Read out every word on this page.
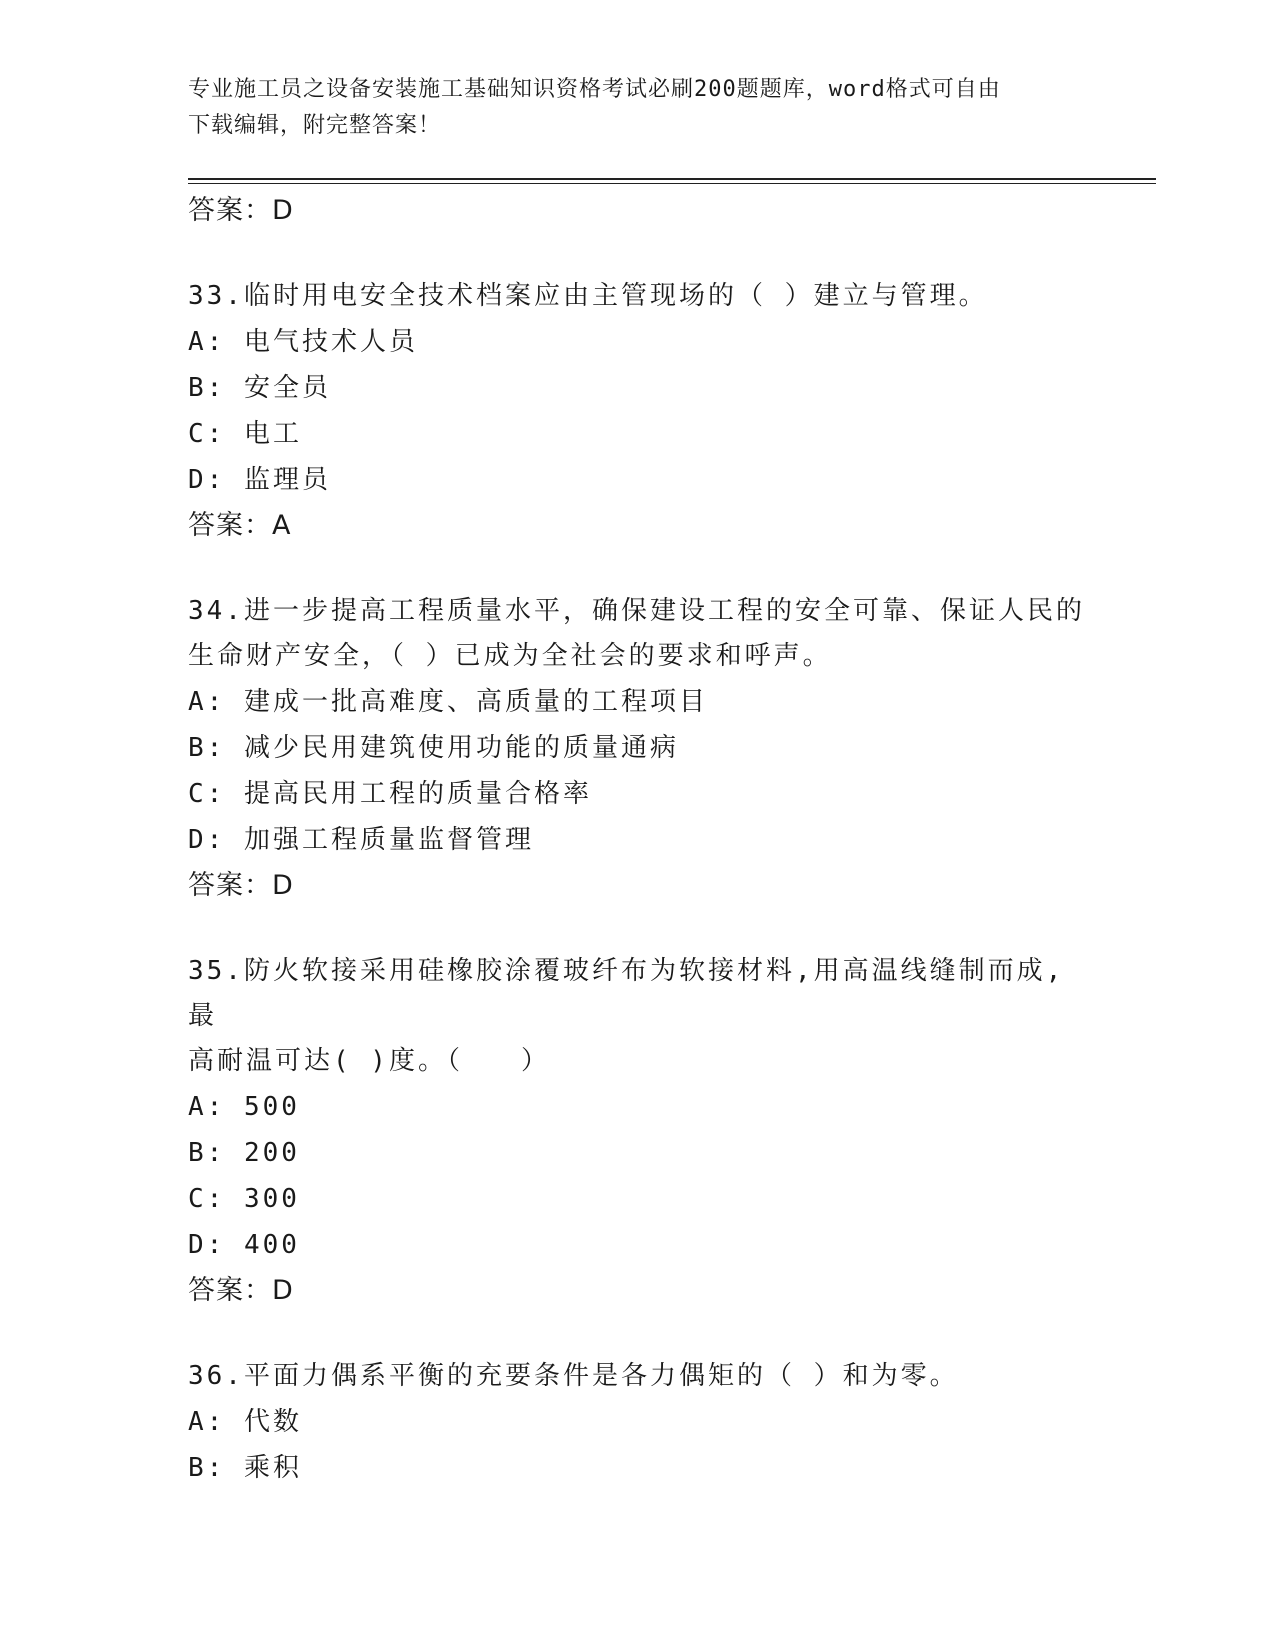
专业施工员之设备安装施工基础知识资格考试必刷200题题库，word格式可自由
下载编辑，附完整答案！
答案：D
33.临时用电安全技术档案应由主管现场的（ ）建立与管理。
A: 电气技术人员
B: 安全员
C: 电工
D: 监理员
答案：A
34.进一步提高工程质量水平，确保建设工程的安全可靠、保证人民的
生命财产安全，（ ）已成为全社会的要求和呼声。
A: 建成一批高难度、高质量的工程项目
B: 减少民用建筑使用功能的质量通病
C: 提高民用工程的质量合格率
D: 加强工程质量监督管理
答案：D
35.防火软接采用硅橡胶涂覆玻纤布为软接材料,用高温线缝制而成,最
高耐温可达( )度。（　　）
A: 500
B: 200
C: 300
D: 400
答案：D
36.平面力偶系平衡的充要条件是各力偶矩的（ ）和为零。
A: 代数
B: 乘积
